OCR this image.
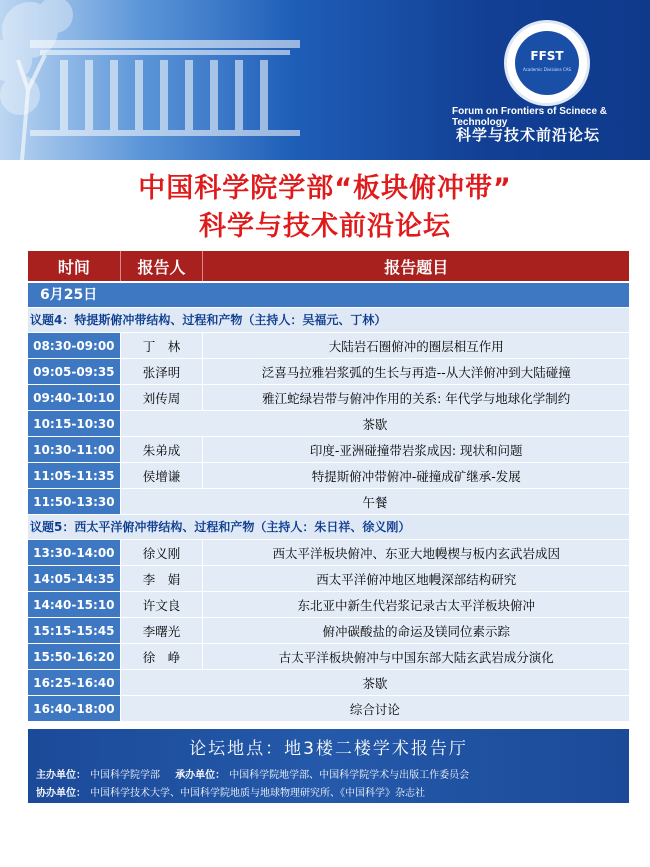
FFST
Academic Divisions CAS
Forum on Frontiers of Scinece & Technology
科学与技术前沿论坛
中国科学院学部“板块俯冲带”
科学与技术前沿论坛
时间	报告人	报告题目
6月25日
议题4：特提斯俯冲带结构、过程和产物（主持人：吴福元、丁林）
08:30-09:00	丁　林	大陆岩石圈俯冲的圈层相互作用
09:05-09:35	张泽明	泛喜马拉雅岩浆弧的生长与再造--从大洋俯冲到大陆碰撞
09:40-10:10	刘传周	雅江蛇绿岩带与俯冲作用的关系: 年代学与地球化学制约
10:15-10:30	茶歇
10:30-11:00	朱弟成	印度-亚洲碰撞带岩浆成因: 现状和问题
11:05-11:35	侯增谦	特提斯俯冲带俯冲-碰撞成矿继承-发展
11:50-13:30	午餐
议题5：西太平洋俯冲带结构、过程和产物（主持人：朱日祥、徐义刚）
13:30-14:00	徐义刚	西太平洋板块俯冲、东亚大地幔楔与板内玄武岩成因
14:05-14:35	李　娟	西太平洋俯冲地区地幔深部结构研究
14:40-15:10	许文良	东北亚中新生代岩浆记录古太平洋板块俯冲
15:15-15:45	李曙光	俯冲碳酸盐的命运及镁同位素示踪
15:50-16:20	徐　峥	古太平洋板块俯冲与中国东部大陆玄武岩成分演化
16:25-16:40	茶歇
16:40-18:00	综合讨论
论坛地点：地3楼二楼学术报告厅
主办单位： 中国科学院学部 承办单位： 中国科学院地学部、中国科学院学术与出版工作委员会
协办单位： 中国科学技术大学、中国科学院地质与地球物理研究所、《中国科学》杂志社
